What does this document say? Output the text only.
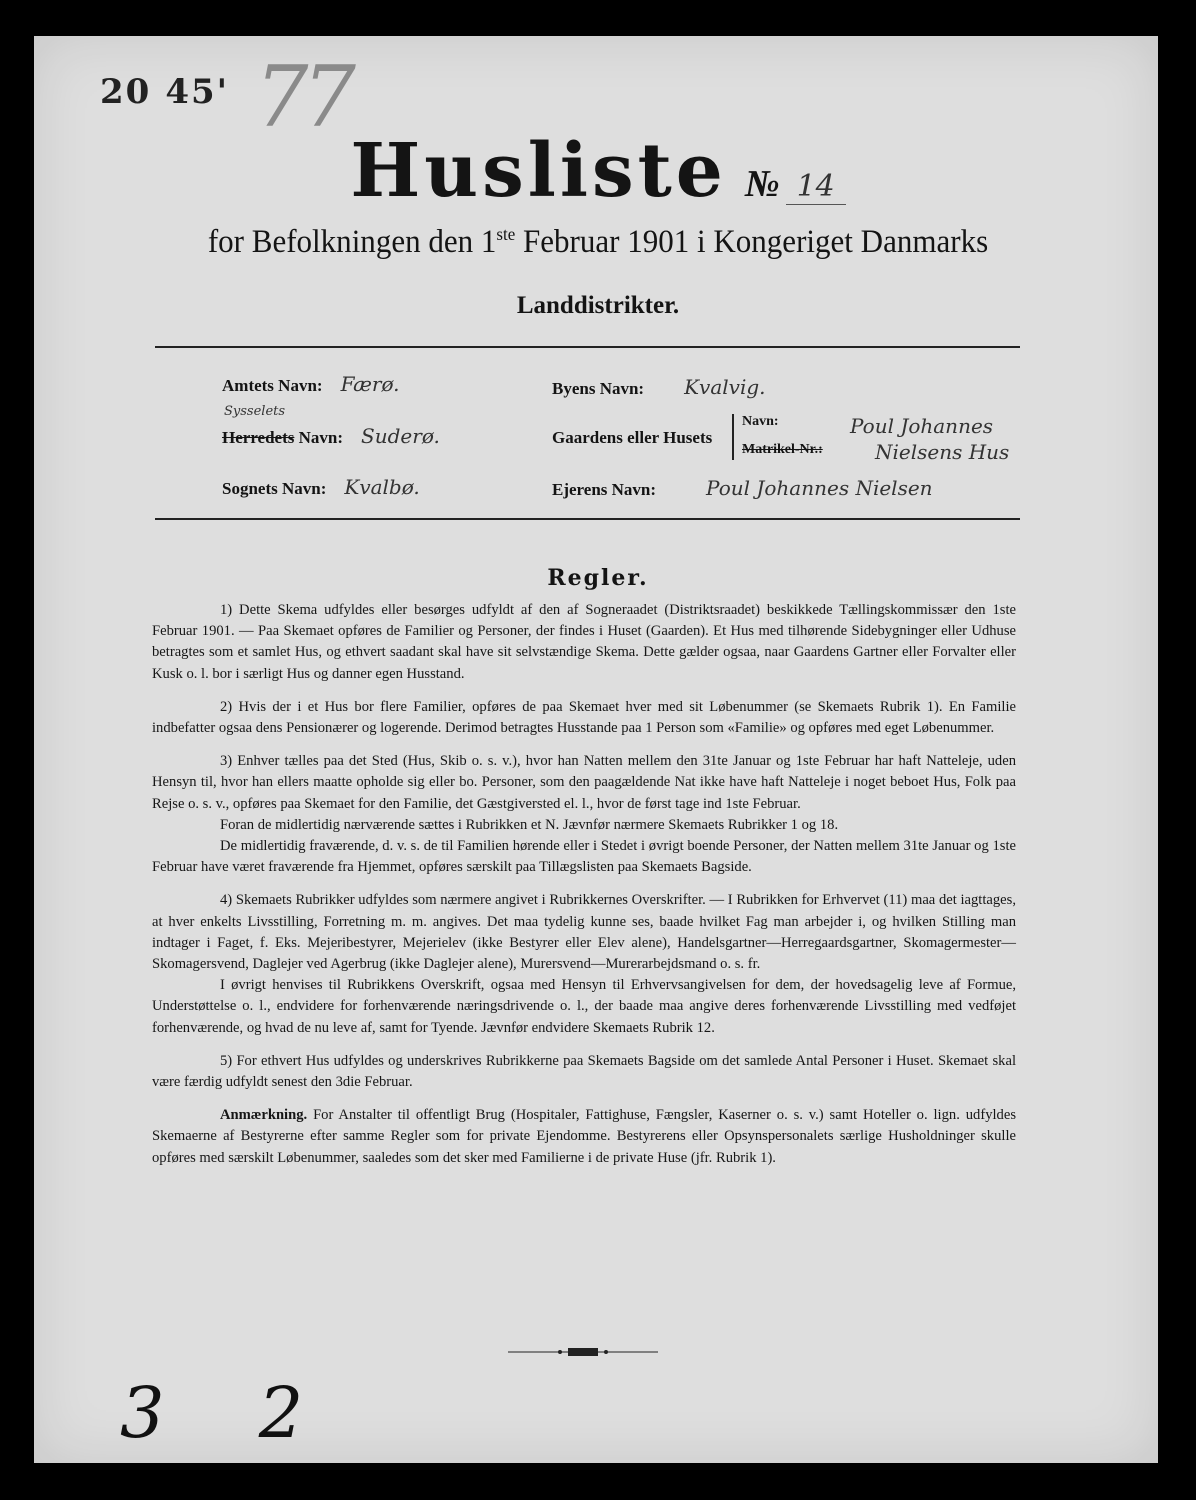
20 45' 77
Husliste № 14
for Befolkningen den 1ste Februar 1901 i Kongeriget Danmarks
Landdistrikter.
Amtets Navn: Færø.
Sysselets
Herredets Navn: Suderø.
Sognets Navn: Kvalbø.
Byens Navn: Kvalvig.
Gaardens eller Husets
Navn:
Matrikel-Nr.:
Poul Johannes
Nielsens Hus
Ejerens Navn:	Poul Johannes Nielsen
Regler.

1) Dette Skema udfyldes eller besørges udfyldt af den af Sogneraadet (Distriktsraadet) beskikkede Tællingskommissær den 1ste Februar 1901. — Paa Skemaet opføres de Familier og Personer, der findes i Huset (Gaarden). Et Hus med tilhørende Sidebygninger eller Udhuse betragtes som et samlet Hus, og ethvert saadant skal have sit selvstændige Skema. Dette gælder ogsaa, naar Gaardens Gartner eller Forvalter eller Kusk o. l. bor i særligt Hus og danner egen Husstand.

2) Hvis der i et Hus bor flere Familier, opføres de paa Skemaet hver med sit Løbenummer (se Skemaets Rubrik 1). En Familie indbefatter ogsaa dens Pensionærer og logerende. Derimod betragtes Husstande paa 1 Person som «Familie» og opføres med eget Løbenummer.

3) Enhver tælles paa det Sted (Hus, Skib o. s. v.), hvor han Natten mellem den 31te Januar og 1ste Februar har haft Natteleje, uden Hensyn til, hvor han ellers maatte opholde sig eller bo. Personer, som den paagældende Nat ikke have haft Natteleje i noget beboet Hus, Folk paa Rejse o. s. v., opføres paa Skemaet for den Familie, det Gæstgiversted el. l., hvor de først tage ind 1ste Februar.

Foran de midlertidig nærværende sættes i Rubrikken et N. Jævnfør nærmere Skemaets Rubrikker 1 og 18.

De midlertidig fraværende, d. v. s. de til Familien hørende eller i Stedet i øvrigt boende Personer, der Natten mellem 31te Januar og 1ste Februar have været fraværende fra Hjemmet, opføres særskilt paa Tillægslisten paa Skemaets Bagside.

4) Skemaets Rubrikker udfyldes som nærmere angivet i Rubrikkernes Overskrifter. — I Rubrikken for Erhvervet (11) maa det iagttages, at hver enkelts Livsstilling, Forretning m. m. angives. Det maa tydelig kunne ses, baade hvilket Fag man arbejder i, og hvilken Stilling man indtager i Faget, f. Eks. Mejeribestyrer, Mejerielev (ikke Bestyrer eller Elev alene), Handelsgartner—Herregaardsgartner, Skomagermester—Skomagersvend, Daglejer ved Agerbrug (ikke Daglejer alene), Murersvend—Murerarbejdsmand o. s. fr.

I øvrigt henvises til Rubrikkens Overskrift, ogsaa med Hensyn til Erhvervsangivelsen for dem, der hovedsagelig leve af Formue, Understøttelse o. l., endvidere for forhenværende næringsdrivende o. l., der baade maa angive deres forhenværende Livsstilling med vedføjet forhenværende, og hvad de nu leve af, samt for Tyende. Jævnfør endvidere Skemaets Rubrik 12.

5) For ethvert Hus udfyldes og underskrives Rubrikkerne paa Skemaets Bagside om det samlede Antal Personer i Huset. Skemaet skal være færdig udfyldt senest den 3die Februar.

Anmærkning. For Anstalter til offentligt Brug (Hospitaler, Fattighuse, Fængsler, Kaserner o. s. v.) samt Hoteller o. lign. udfyldes Skemaerne af Bestyrerne efter samme Regler som for private Ejendomme. Bestyrerens eller Opsynspersonalets særlige Husholdninger skulle opføres med særskilt Løbenummer, saaledes som det sker med Familierne i de private Huse (jfr. Rubrik 1).

3 2
